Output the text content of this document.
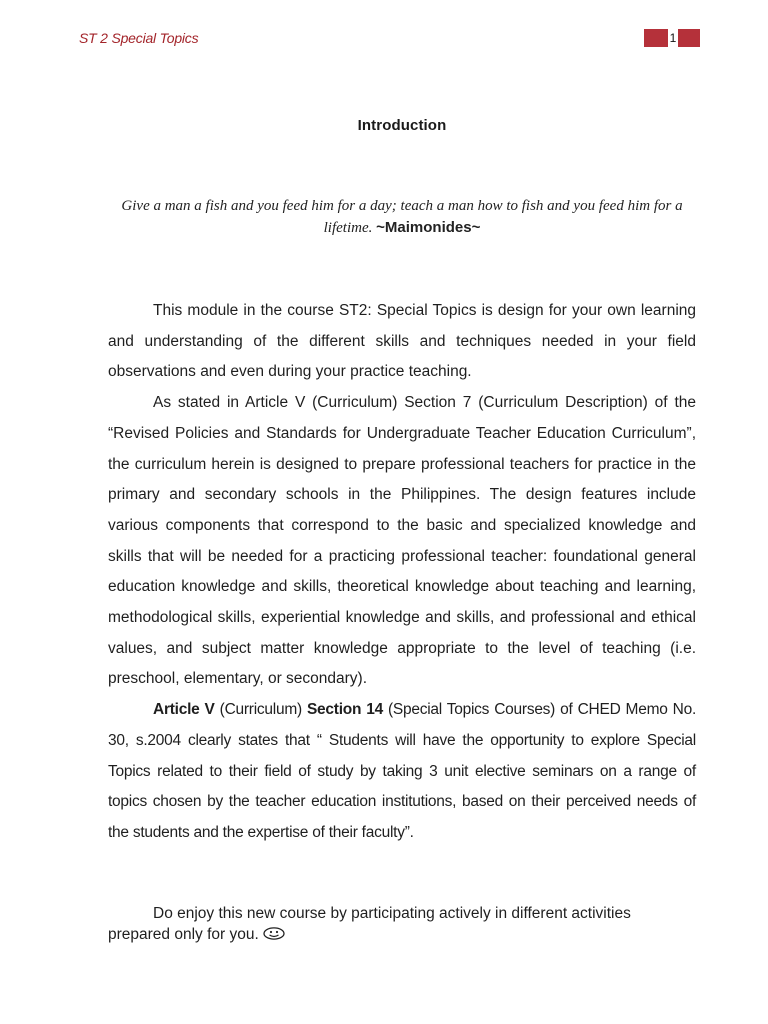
ST 2 Special Topics	1
Introduction
Give a man a fish and you feed him for a day; teach a man how to fish and you feed him for a lifetime. ~Maimonides~

This module in the course ST2: Special Topics is design for your own learning and understanding of the different skills and techniques needed in your field observations and even during your practice teaching.

As stated in Article V (Curriculum) Section 7 (Curriculum Description) of the “Revised Policies and Standards for Undergraduate Teacher Education Curriculum”, the curriculum herein is designed to prepare professional teachers for practice in the primary and secondary schools in the Philippines. The design features include various components that correspond to the basic and specialized knowledge and skills that will be needed for a practicing professional teacher: foundational general education knowledge and skills, theoretical knowledge about teaching and learning, methodological skills, experiential knowledge and skills, and professional and ethical values, and subject matter knowledge appropriate to the level of teaching (i.e. preschool, elementary, or secondary).

Article V (Curriculum) Section 14 (Special Topics Courses) of CHED Memo No. 30, s.2004 clearly states that “ Students will have the opportunity to explore Special Topics related to their field of study by taking 3 unit elective seminars on a range of topics chosen by the teacher education institutions, based on their perceived needs of the students and the expertise of their faculty”.

Do enjoy this new course by participating actively in different activities prepared only for you.
